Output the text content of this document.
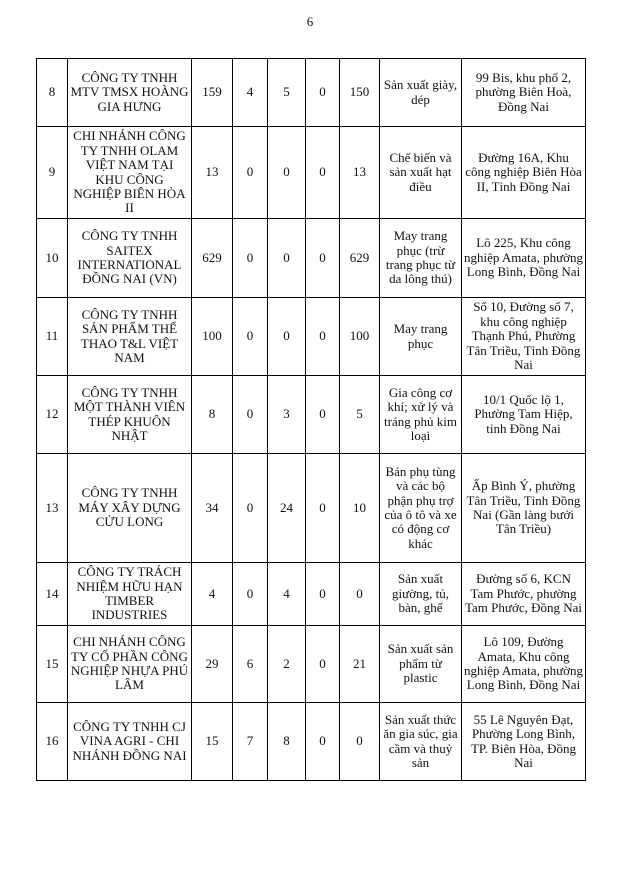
6
8	CÔNG TY TNHH MTV TMSX HOÀNG GIA HƯNG	159	4	5	0	150	Sản xuất giày, dép	99 Bis, khu phố 2, phường Biên Hoà, Đồng Nai
9	CHI NHÁNH CÔNG TY TNHH OLAM VIỆT NAM TẠI KHU CÔNG NGHIỆP BIÊN HÒA II	13	0	0	0	13	Chế biến và sản xuất hạt điều	Đường 16A, Khu công nghiệp Biên Hòa II, Tỉnh Đồng Nai
10	CÔNG TY TNHH SAITEX INTERNATIONAL ĐỒNG NAI (VN)	629	0	0	0	629	May trang phục (trừ trang phục từ da lông thú)	Lô 225, Khu công nghiệp Amata, phường Long Bình, Đồng Nai
11	CÔNG TY TNHH SẢN PHẨM THỂ THAO T&L VIỆT NAM	100	0	0	0	100	May trang phục	Số 10, Đường số 7, khu công nghiệp Thạnh Phú, Phường Tân Triều, Tỉnh Đồng Nai
12	CÔNG TY TNHH MỘT THÀNH VIÊN THÉP KHUÔN NHẬT	8	0	3	0	5	Gia công cơ khí; xử lý và tráng phủ kim loại	10/1 Quốc lộ 1, Phường Tam Hiệp, tỉnh Đồng Nai
13	CÔNG TY TNHH MÁY XÂY DỰNG CỬU LONG	34	0	24	0	10	Bán phụ tùng và các bộ phận phụ trợ của ô tô và xe có động cơ khác	Ấp Bình Ý, phường Tân Triều, Tỉnh Đồng Nai (Gần làng bưởi Tân Triều)
14	CÔNG TY TRÁCH NHIỆM HỮU HẠN TIMBER INDUSTRIES	4	0	4	0	0	Sản xuất giường, tủ, bàn, ghế	Đường số 6, KCN Tam Phước, phường Tam Phước, Đồng Nai
15	CHI NHÁNH CÔNG TY CỔ PHẦN CÔNG NGHIỆP NHỰA PHÚ LÂM	29	6	2	0	21	Sản xuất sản phẩm từ plastic	Lô 109, Đường Amata, Khu công nghiệp Amata, phường Long Bình, Đồng Nai
16	CÔNG TY TNHH CJ VINA AGRI - CHI NHÁNH ĐỒNG NAI	15	7	8	0	0	Sản xuất thức ăn gia súc, gia cầm và thuỷ sản	55 Lê Nguyên Đạt, Phường Long Bình, TP. Biên Hòa, Đồng Nai
